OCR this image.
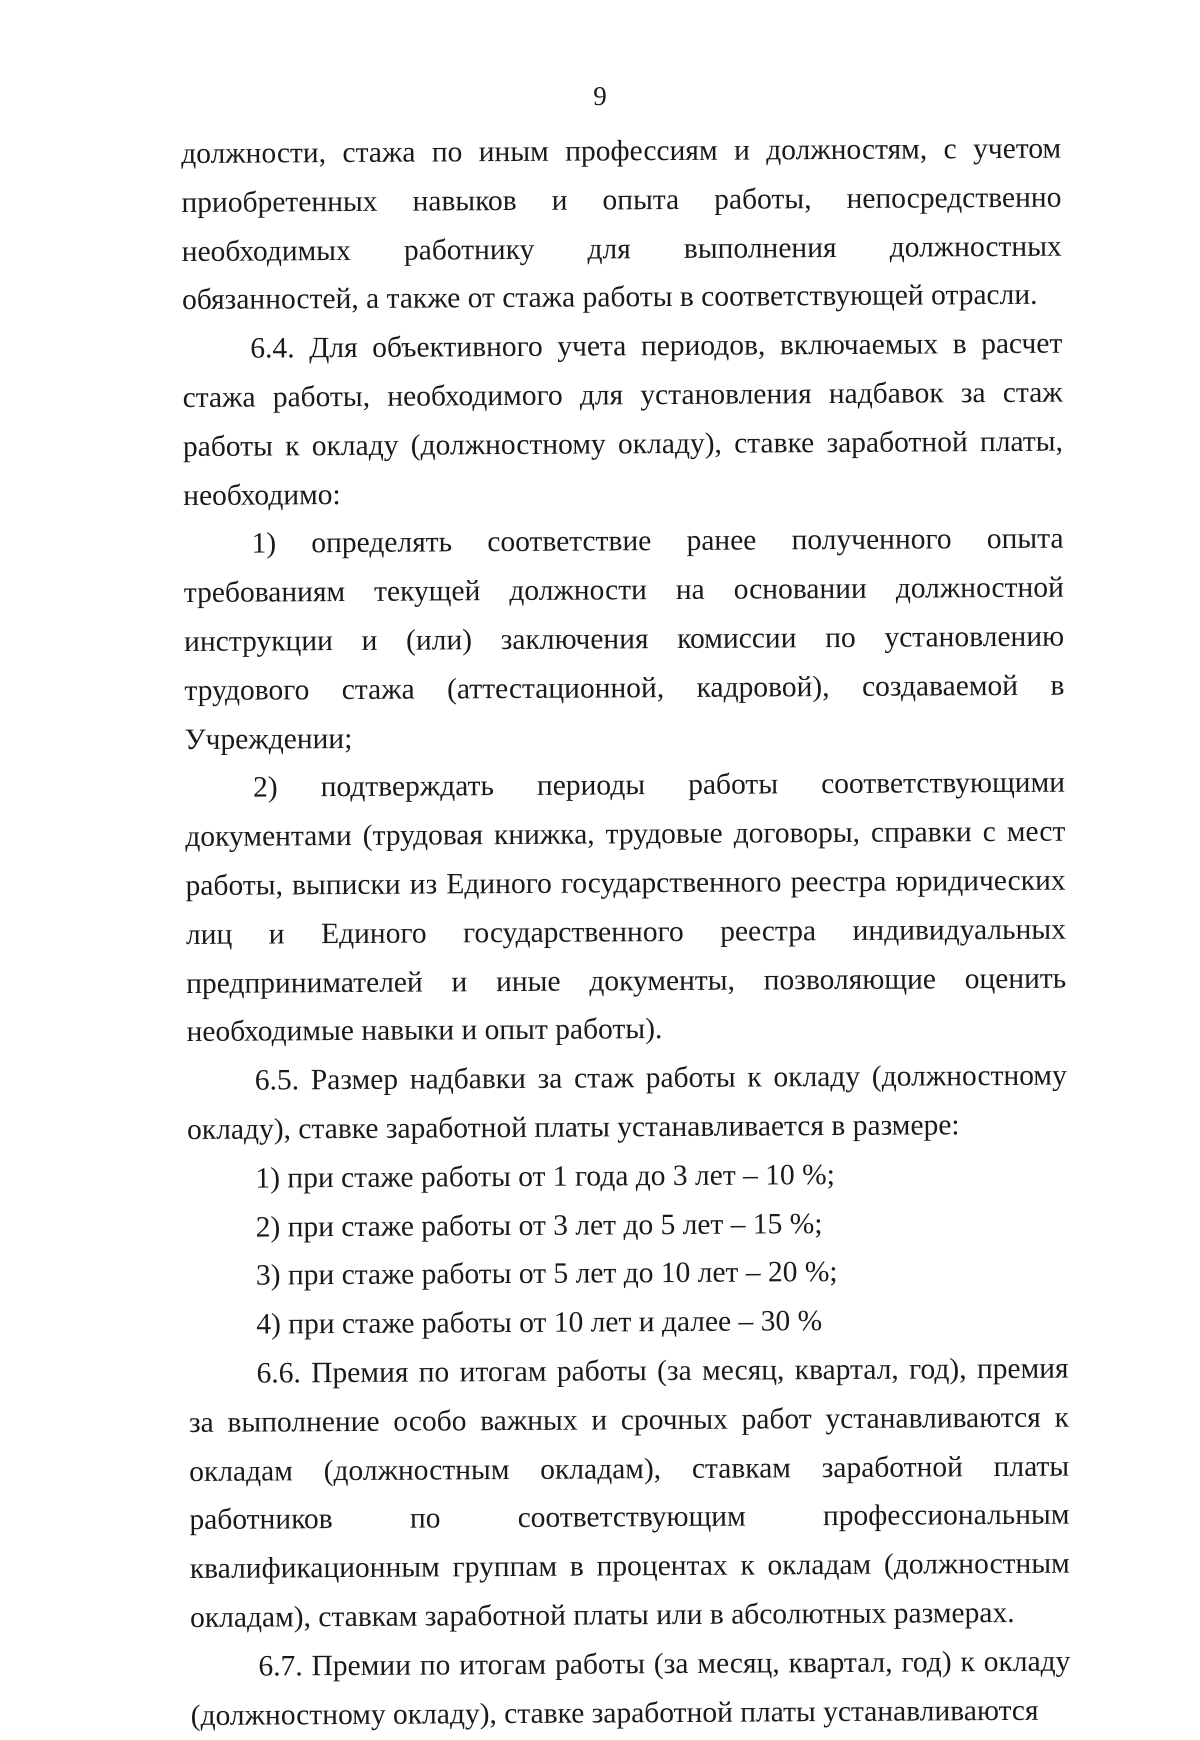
9

должности, стажа по иным профессиям и должностям, с учетом приобретенных навыков и опыта работы, непосредственно необходимых работнику для выполнения должностных обязанностей, а также от стажа работы в соответствующей отрасли.

6.4. Для объективного учета периодов, включаемых в расчет стажа работы, необходимого для установления надбавок за стаж работы к окладу (должностному окладу), ставке заработной платы, необходимо:

1) определять соответствие ранее полученного опыта требованиям текущей должности на основании должностной инструкции и (или) заключения комиссии по установлению трудового стажа (аттестационной, кадровой), создаваемой в Учреждении;

2) подтверждать периоды работы соответствующими документами (трудовая книжка, трудовые договоры, справки с мест работы, выписки из Единого государственного реестра юридических лиц и Единого государственного реестра индивидуальных предпринимателей и иные документы, позволяющие оценить необходимые навыки и опыт работы).

6.5. Размер надбавки за стаж работы к окладу (должностному окладу), ставке заработной платы устанавливается в размере:

1) при стаже работы от 1 года до 3 лет – 10 %;

2) при стаже работы от 3 лет до 5 лет – 15 %;

3) при стаже работы от 5 лет до 10 лет – 20 %;

4) при стаже работы от 10 лет и далее – 30 %

6.6. Премия по итогам работы (за месяц, квартал, год), премия за выполнение особо важных и срочных работ устанавливаются к окладам (должностным окладам), ставкам заработной платы работников по соответствующим профессиональным квалификационным группам в процентах к окладам (должностным окладам), ставкам заработной платы или в абсолютных размерах.

6.7. Премии по итогам работы (за месяц, квартал, год) к окладу (должностному окладу), ставке заработной платы устанавливаются
